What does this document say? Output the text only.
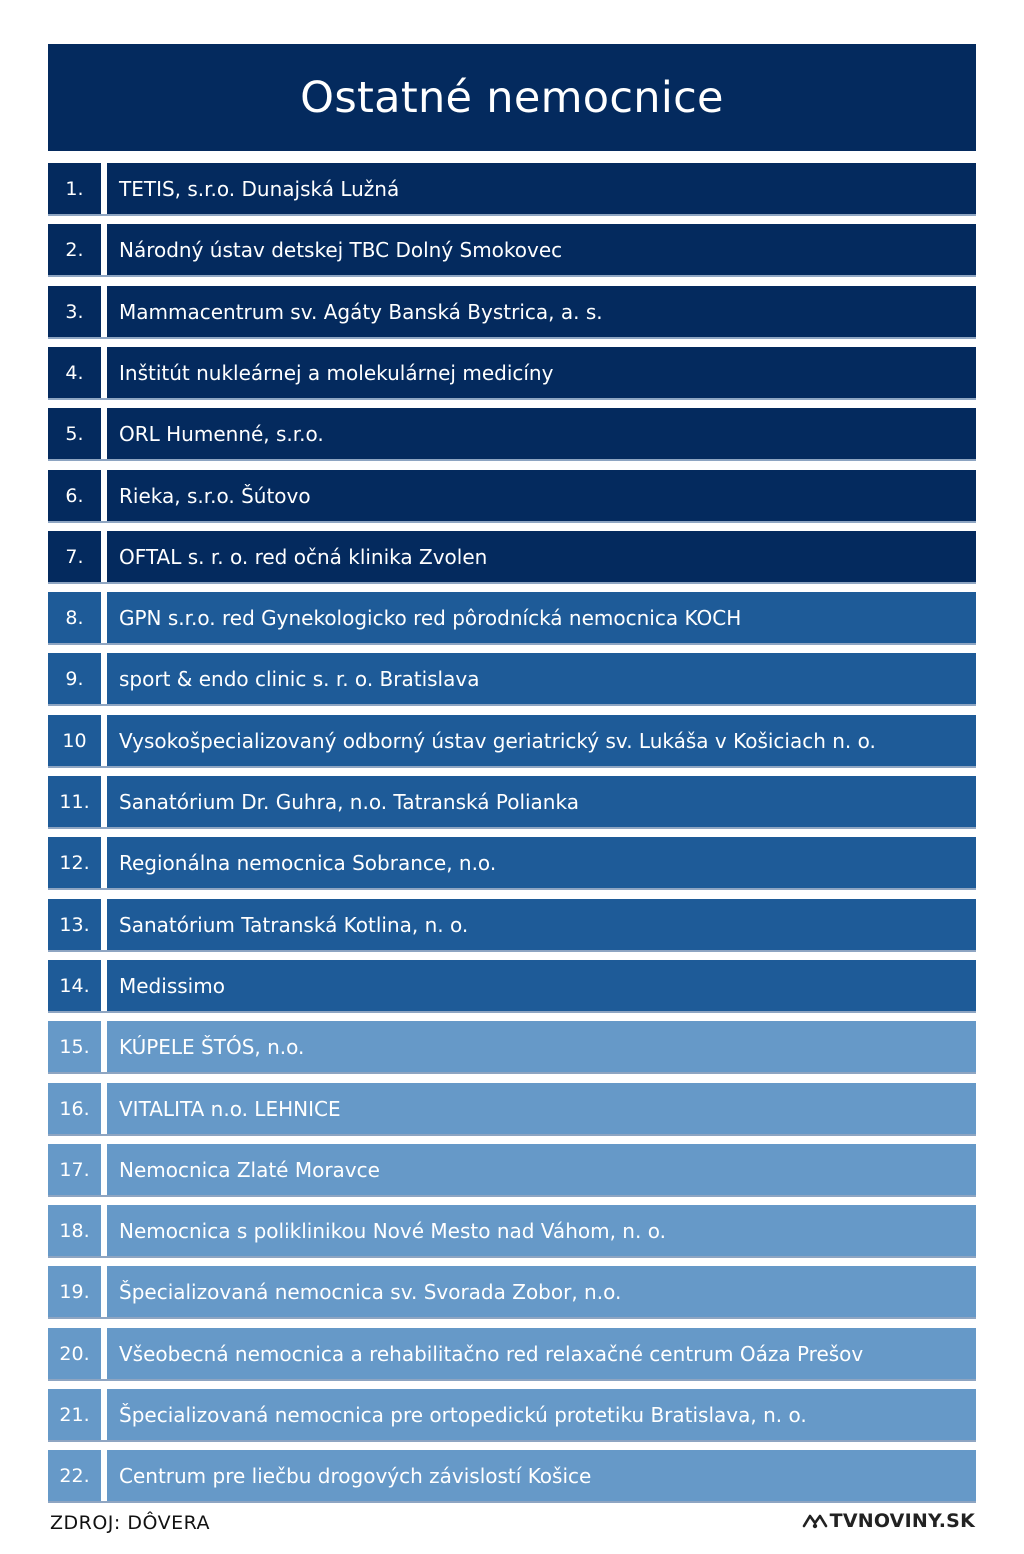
Ostatné nemocnice
1.	TETIS, s.r.o. Dunajská Lužná
2.	Národný ústav detskej TBC Dolný Smokovec
3.	Mammacentrum sv. Agáty Banská Bystrica, a. s.
4.	Inštitút nukleárnej a molekulárnej medicíny
5.	ORL Humenné, s.r.o.
6.	Rieka, s.r.o. Šútovo
7.	OFTAL s. r. o. red očná klinika Zvolen
8.	GPN s.r.o. red Gynekologicko red pôrodnícká nemocnica KOCH
9.	sport & endo clinic s. r. o. Bratislava
10	Vysokošpecializovaný odborný ústav geriatrický sv. Lukáša v Košiciach n. o.
11.	Sanatórium Dr. Guhra, n.o. Tatranská Polianka
12.	Regionálna nemocnica Sobrance, n.o.
13.	Sanatórium Tatranská Kotlina, n. o.
14.	Medissimo
15.	KÚPELE ŠTÓS, n.o.
16.	VITALITA n.o. LEHNICE
17.	Nemocnica Zlaté Moravce
18.	Nemocnica s poliklinikou Nové Mesto nad Váhom, n. o.
19.	Špecializovaná nemocnica sv. Svorada Zobor, n.o.
20.	Všeobecná nemocnica a rehabilitačno red relaxačné centrum Oáza Prešov
21.	Špecializovaná nemocnica pre ortopedickú protetiku Bratislava, n. o.
22.	Centrum pre liečbu drogových závislostí Košice
ZDROJ: DÔVERA	TVNOVINY.SK
